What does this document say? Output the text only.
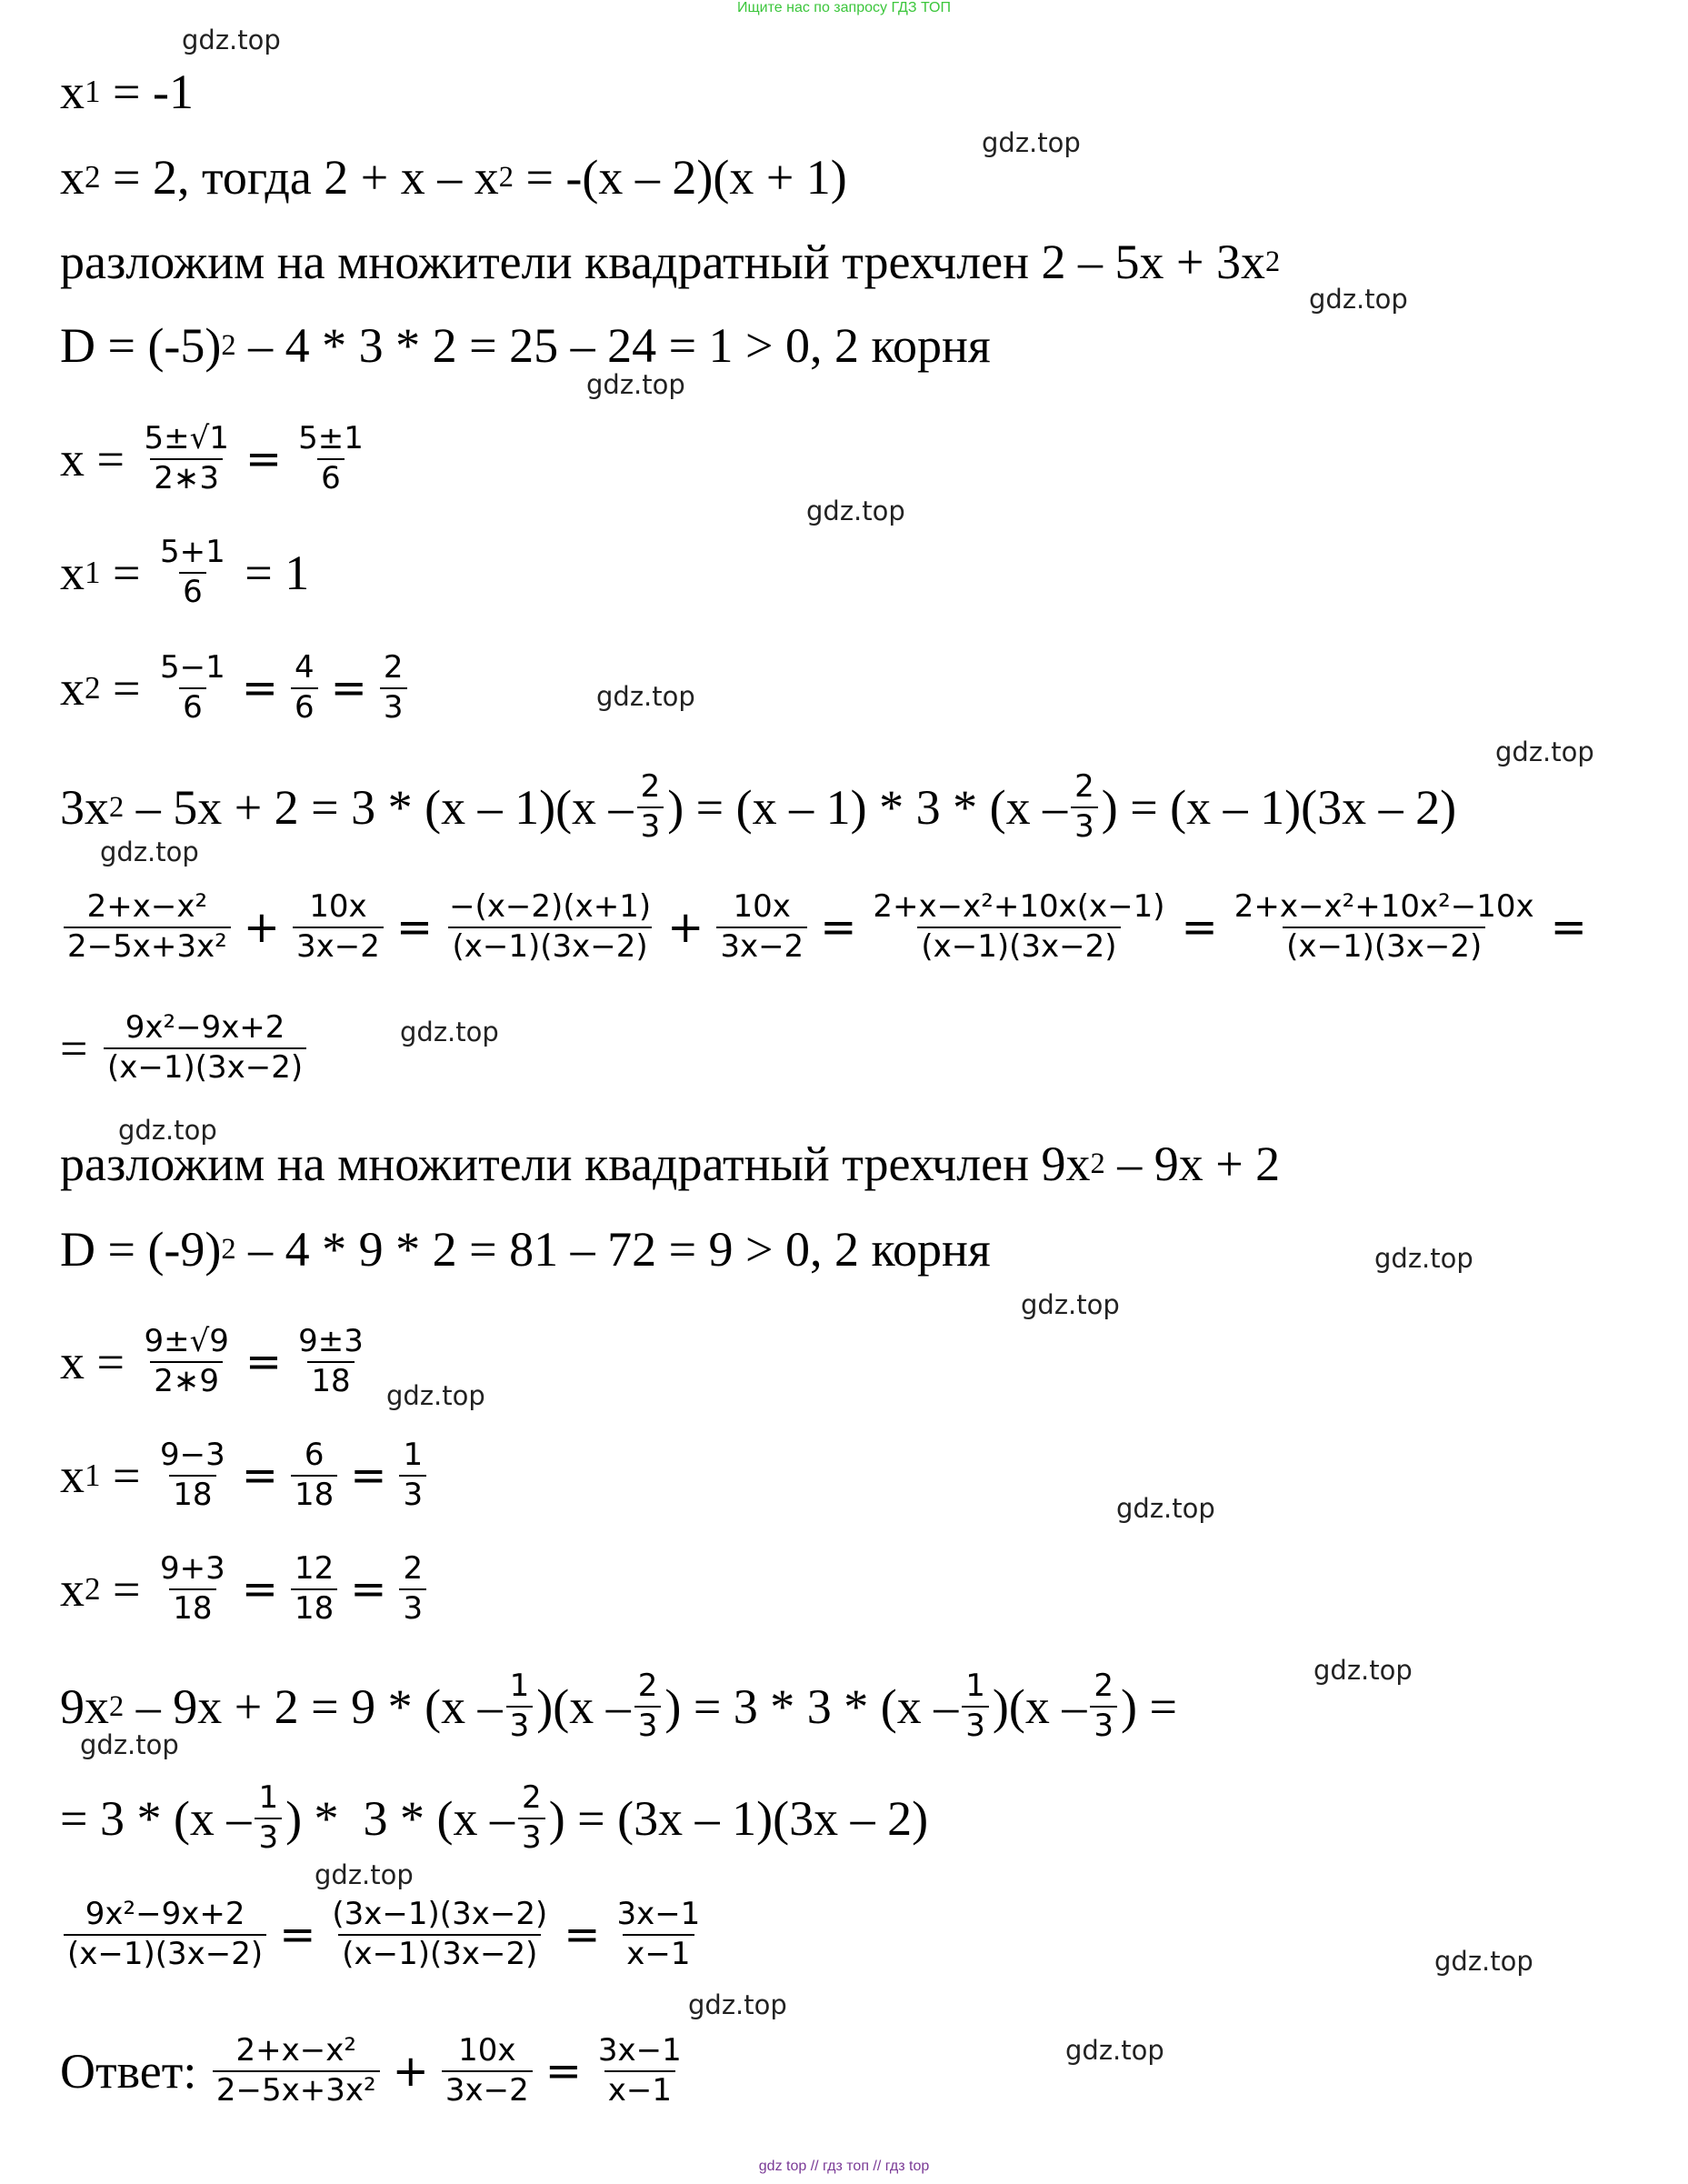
Ищите нас по запросу ГДЗ ТОП
gdz.top
gdz.top
gdz.top
gdz.top
gdz.top
gdz.top
gdz.top
gdz.top
gdz.top
gdz.top
gdz.top
gdz.top
gdz.top
gdz.top
gdz.top
gdz.top
gdz.top
gdz.top
gdz.top
gdz.top
x 1 = -1
x 2 = 2, тогда 2 + x – x 2 = -(x – 2)(x + 1)
разложим на множители квадратный трехчлен 2 – 5x + 3x 2
D = (-5) 2 – 4 * 3 * 2 = 25 – 24 = 1 > 0, 2 корня
$x = \frac{5\pm√1}{2∗3} = \frac{5\pm 1}{6}$
x $1 = \frac{5+1}{6} = 1$
x $2 = \frac{5-1}{6} = \frac{4}{6} = \frac{2}{3}$
3x $2 - 5x + 2 = 3 * (x - 1)(x - \frac{2}{3}$ ) = $(x - 1) * 3 * (x - \frac{2}{3}$ ) = (x – 1)(3x – 2)
$\frac{\text{2+x−x²}}{\text{2−5x+3x²}} + \frac{10x}{3x-2} = \frac{-(x-2)(x+1)}{(x-1)(3x-2)} + \frac{10x}{3x-2} = \frac{\text{2+x−x²+10x(x−1)}}{(x-1)(3x-2)} = \frac{\text{2+x−x²+10x²−10x}}{(x-1)(3x-2)}$ =
= $\frac{\text{9x²−9x+2}}{(x-1)(3x-2)}$
разложим на множители квадратный трехчлен 9x 2 – 9x + 2
D = (-9) 2 – 4 * 9 * 2 = 81 – 72 = 9 > 0, 2 корня
$x = \frac{9\pm√9}{2∗9} = \frac{9\pm 3}{18}$
x $1 = \frac{9-3}{18} = \frac{6}{18} = \frac{1}{3}$
x $2 = \frac{9+3}{18} = \frac{12}{18} = \frac{2}{3}$
9x $2 - 9x + 2 = 9 * (x - \frac{1}{3} )(x - \frac{2}{3}$ ) = $3 * 3 * (x - \frac{1}{3} )(x - \frac{2}{3}$ ) =
= $3 * (x - \frac{1}{3}$ ) *  $3 * (x - \frac{2}{3}$ ) = (3x – 1)(3x – 2)
$\frac{\text{9x²−9x+2}}{(x-1)(3x-2)} = \frac{(3x-1)(3x-2)}{(x-1)(3x-2)} = \frac{3x-1}{x-1}$
Ответ: $\frac{\text{2+x−x²}}{\text{2−5x+3x²}} + \frac{10x}{3x-2} = \frac{3x-1}{x-1}$
gdz top // гдз топ // гдз top
